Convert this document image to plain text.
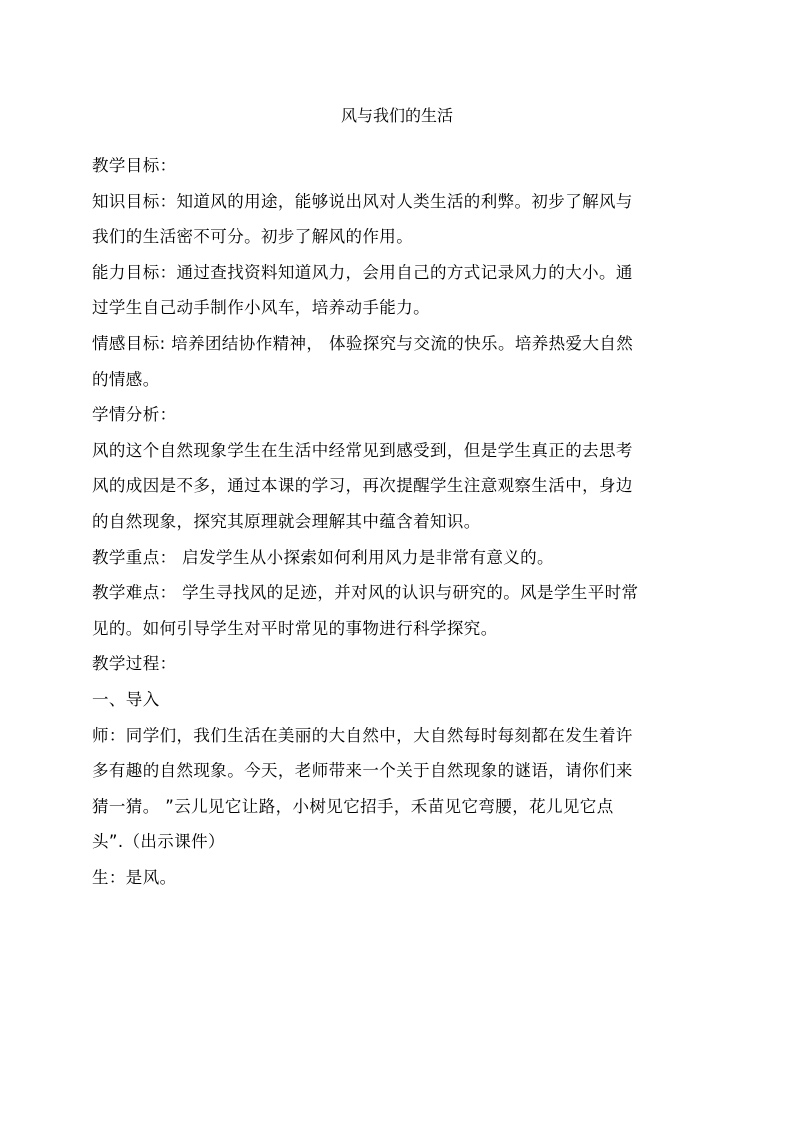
风与我们的生活
教学目标：
知识目标：知道风的用途，能够说出风对人类生活的利弊。初步了解风与
我们的生活密不可分。初步了解风的作用。
能力目标：通过查找资料知道风力，会用自己的方式记录风力的大小。通
过学生自己动手制作小风车，培养动手能力。
情感目标: 培养团结协作精神， 体验探究与交流的快乐。培养热爱大自然
的情感。
学情分析：
风的这个自然现象学生在生活中经常见到感受到，但是学生真正的去思考
风的成因是不多，通过本课的学习，再次提醒学生注意观察生活中，身边
的自然现象，探究其原理就会理解其中蕴含着知识。
教学重点： 启发学生从小探索如何利用风力是非常有意义的。
教学难点： 学生寻找风的足迹，并对风的认识与研究的。风是学生平时常
见的。如何引导学生对平时常见的事物进行科学探究。
教学过程：
一、导入
师：同学们，我们生活在美丽的大自然中，大自然每时每刻都在发生着许
多有趣的自然现象。今天，老师带来一个关于自然现象的谜语，请你们来
猜一猜。 ”云儿见它让路，小树见它招手，禾苗见它弯腰，花儿见它点
头”.（出示课件）
生：是风。
